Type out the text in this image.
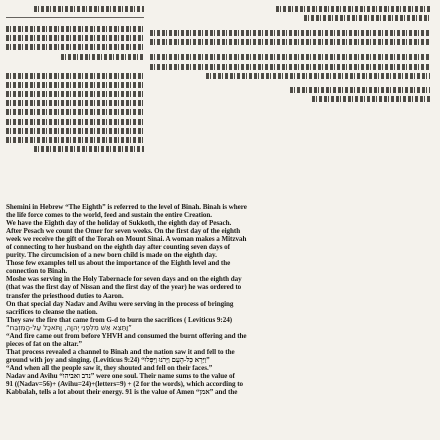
Shemini in Hebrew “The Eighth” is referred to the level of Binah. Binah is where

the life force comes to the world, feed and sustain the entire Creation.

We have the Eighth day of the holiday of Sukkoth, the eighth day of Pesach.

After Pesach we count the Omer for seven weeks. On the first day of the eighth

week we receive the gift of the Torah on Mount Sinai. A woman makes a Mitzvah

of connecting to her husband on the eighth day after counting seven days of

purity. The circumcision of a new born child is made on the eighth day.

Those few examples tell us about the importance of the Eighth level and the

connection to Binah.

Moshe was serving in the Holy Tabernacle for seven days and on the eighth day

(that was the first day of Nissan and the first day of the year) he was ordered to

transfer the priesthood duties to Aaron.

On that special day Nadav and Avihu were serving in the process of bringing

sacrifices to cleanse the nation.

They saw the fire that came from G-d to burn the sacrifices ( Leviticus 9:24)

“וַתֵּצֵא אֵשׁ מִלִּפְנֵי יְהוָה, וַתֹּאכַל עַל-הַמִּזְבֵּח”

“And fire came out from before YHVH and consumed the burnt offering and the

pieces of fat on the altar.”

That process revealed a channel to Binah and the nation saw it and fell to the

ground with joy and singing. (Leviticus 9:24) “וַיַּרְא כָּל-הָעָם וַיָּרֹנּוּ וַיִּפְּלוּ”

“And when all the people saw it, they shouted and fell on their faces.”

Nadav and Avihu “נדב ואביהו” were one soul. Their name sums to the value of

91 ((Nadav=56)+ (Avihu=24)+(letters=9) + (2 for the words), which according to

Kabbalah, tells a lot about their energy. 91 is the value of Amen “אמן” and the
